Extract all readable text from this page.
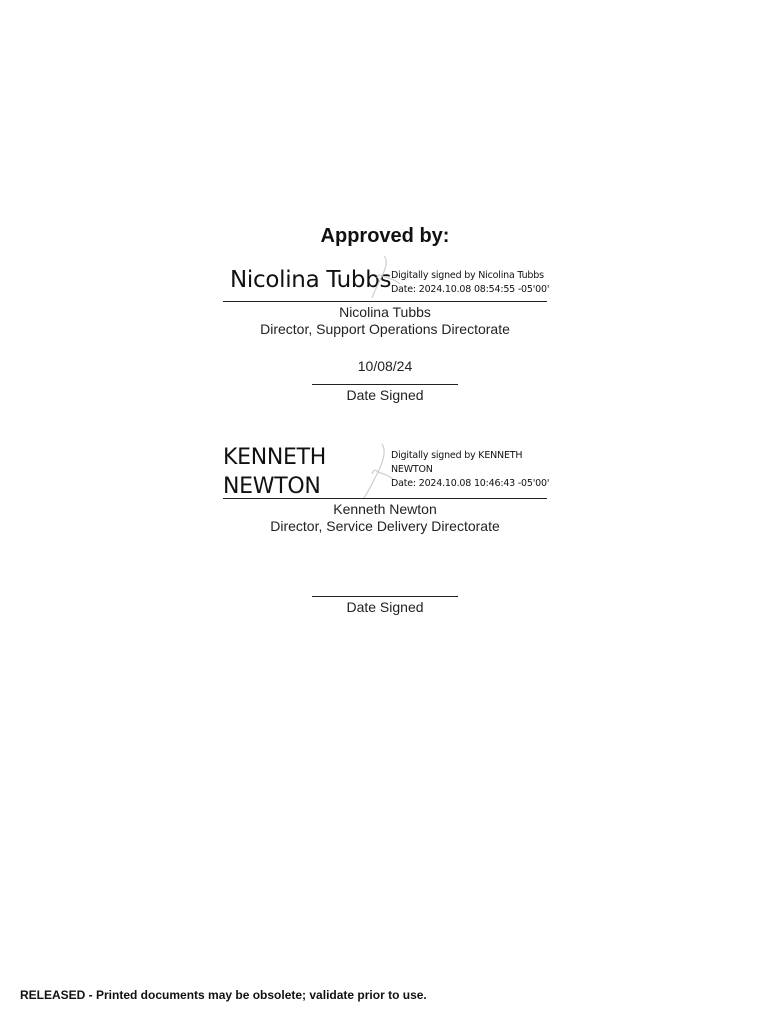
Approved by:
Nicolina Tubbs Digitally signed by Nicolina Tubbs
Date: 2024.10.08 08:54:55 -05'00'
Nicolina Tubbs
Director, Support Operations Directorate
10/08/24
Date Signed
KENNETH
NEWTON
Digitally signed by KENNETH
NEWTON
Date: 2024.10.08 10:46:43 -05'00'
Kenneth Newton
Director, Service Delivery Directorate
Date Signed
RELEASED - Printed documents may be obsolete; validate prior to use.
